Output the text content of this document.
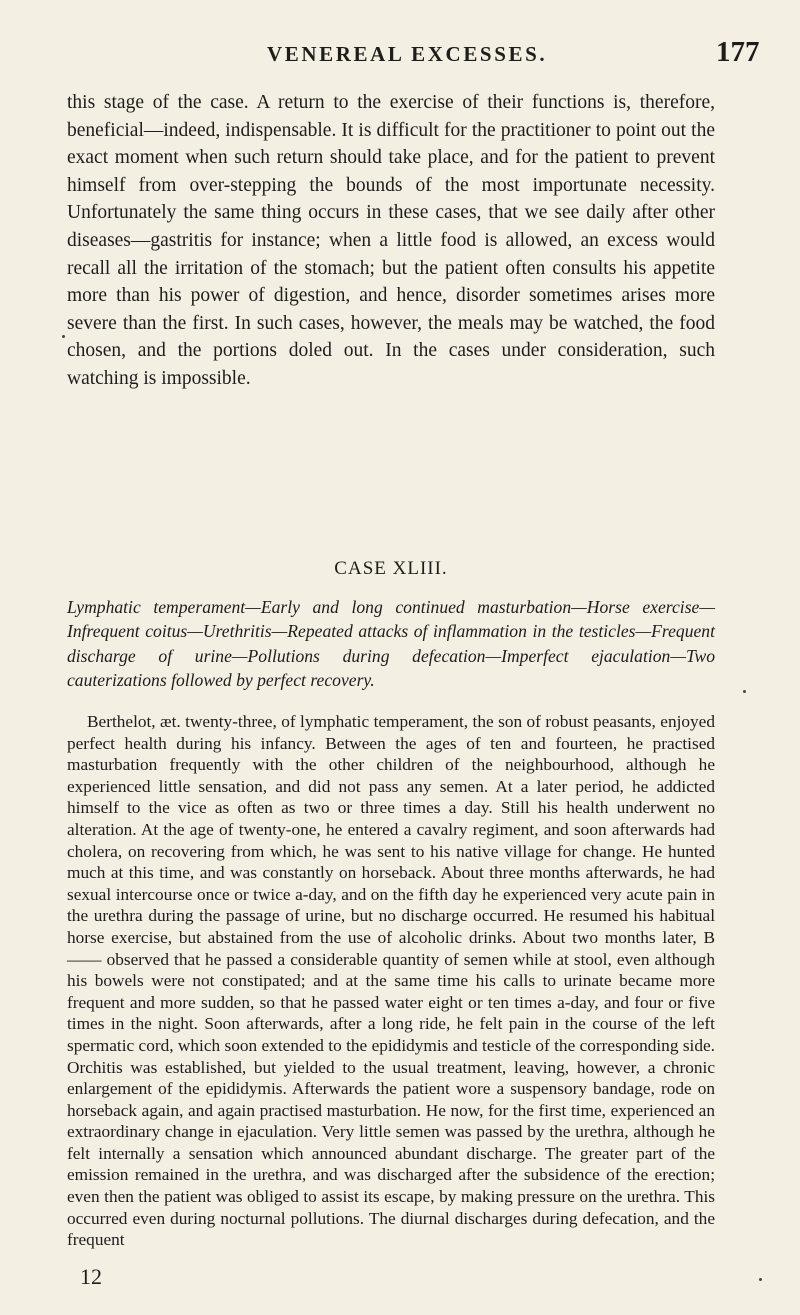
VENEREAL EXCESSES.	177

this stage of the case. A return to the exercise of their functions is, therefore, beneficial—indeed, indispensable. It is difficult for the practitioner to point out the exact moment when such return should take place, and for the patient to prevent himself from over-stepping the bounds of the most importunate necessity. Unfortunately the same thing occurs in these cases, that we see daily after other diseases—gastritis for instance; when a little food is allowed, an excess would recall all the irritation of the stomach; but the patient often consults his appetite more than his power of digestion, and hence, disorder sometimes arises more severe than the first. In such cases, however, the meals may be watched, the food chosen, and the portions doled out. In the cases under consideration, such watching is impossible.

CASE XLIII.

Lymphatic temperament—Early and long continued masturbation—Horse exercise—Infrequent coitus—Urethritis—Repeated attacks of inflammation in the testicles—Frequent discharge of urine—Pollutions during defecation—Imperfect ejaculation—Two cauterizations followed by perfect recovery.

Berthelot, æt. twenty-three, of lymphatic temperament, the son of robust peasants, enjoyed perfect health during his infancy. Between the ages of ten and fourteen, he practised masturbation frequently with the other children of the neighbourhood, although he experienced little sensation, and did not pass any semen. At a later period, he addicted himself to the vice as often as two or three times a day. Still his health underwent no alteration. At the age of twenty-one, he entered a cavalry regiment, and soon afterwards had cholera, on recovering from which, he was sent to his native village for change. He hunted much at this time, and was constantly on horseback. About three months afterwards, he had sexual intercourse once or twice a-day, and on the fifth day he experienced very acute pain in the urethra during the passage of urine, but no discharge occurred. He resumed his habitual horse exercise, but abstained from the use of alcoholic drinks. About two months later, B—— observed that he passed a considerable quantity of semen while at stool, even although his bowels were not constipated; and at the same time his calls to urinate became more frequent and more sudden, so that he passed water eight or ten times a-day, and four or five times in the night. Soon afterwards, after a long ride, he felt pain in the course of the left spermatic cord, which soon extended to the epididymis and testicle of the corresponding side. Orchitis was established, but yielded to the usual treatment, leaving, however, a chronic enlargement of the epididymis. Afterwards the patient wore a suspensory bandage, rode on horseback again, and again practised masturbation. He now, for the first time, experienced an extraordinary change in ejaculation. Very little semen was passed by the urethra, although he felt internally a sensation which announced abundant discharge. The greater part of the emission remained in the urethra, and was discharged after the subsidence of the erection; even then the patient was obliged to assist its escape, by making pressure on the urethra. This occurred even during nocturnal pollutions. The diurnal discharges during defecation, and the frequent

12
